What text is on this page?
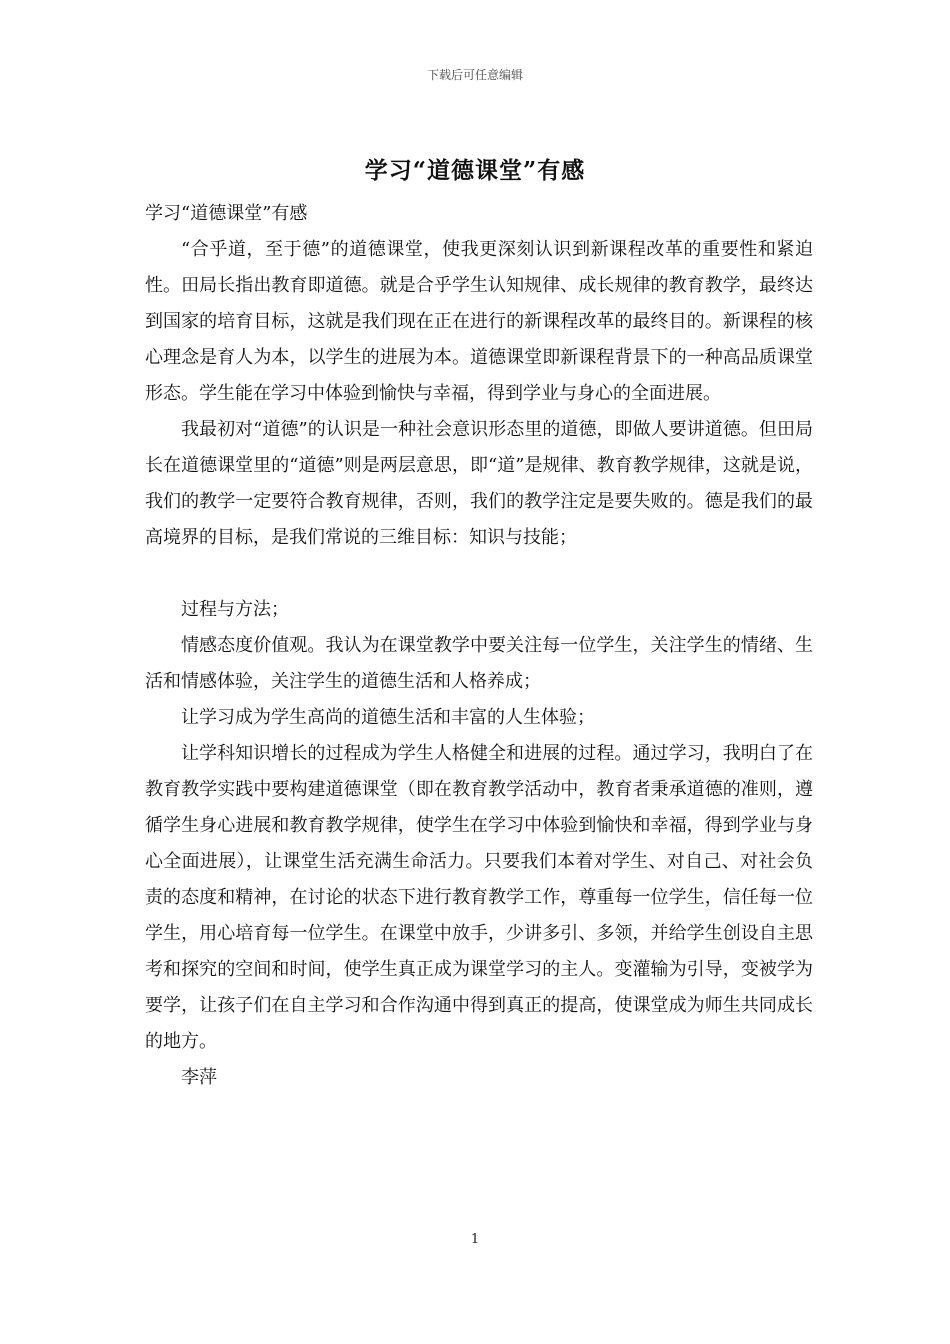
下载后可任意编辑
学习“道德课堂”有感

学习“道德课堂”有感

“合乎道，至于德”的道德课堂，使我更深刻认识到新课程改革的重要性和紧迫性。田局长指出教育即道德。就是合乎学生认知规律、成长规律的教育教学，最终达到国家的培育目标，这就是我们现在正在进行的新课程改革的最终目的。新课程的核心理念是育人为本，以学生的进展为本。道德课堂即新课程背景下的一种高品质课堂形态。学生能在学习中体验到愉快与幸福，得到学业与身心的全面进展。

我最初对“道德”的认识是一种社会意识形态里的道德，即做人要讲道德。但田局长在道德课堂里的“道德”则是两层意思，即“道”是规律、教育教学规律，这就是说，我们的教学一定要符合教育规律，否则，我们的教学注定是要失败的。德是我们的最高境界的目标，是我们常说的三维目标：知识与技能；

过程与方法；

情感态度价值观。我认为在课堂教学中要关注每一位学生，关注学生的情绪、生活和情感体验，关注学生的道德生活和人格养成；

让学习成为学生高尚的道德生活和丰富的人生体验；

让学科知识增长的过程成为学生人格健全和进展的过程。通过学习，我明白了在教育教学实践中要构建道德课堂（即在教育教学活动中，教育者秉承道德的准则，遵循学生身心进展和教育教学规律，使学生在学习中体验到愉快和幸福，得到学业与身心全面进展），让课堂生活充满生命活力。只要我们本着对学生、对自己、对社会负责的态度和精神，在讨论的状态下进行教育教学工作，尊重每一位学生，信任每一位学生，用心培育每一位学生。在课堂中放手，少讲多引、多领，并给学生创设自主思考和探究的空间和时间，使学生真正成为课堂学习的主人。变灌输为引导，变被学为要学，让孩子们在自主学习和合作沟通中得到真正的提高，使课堂成为师生共同成长的地方。

李萍

1
